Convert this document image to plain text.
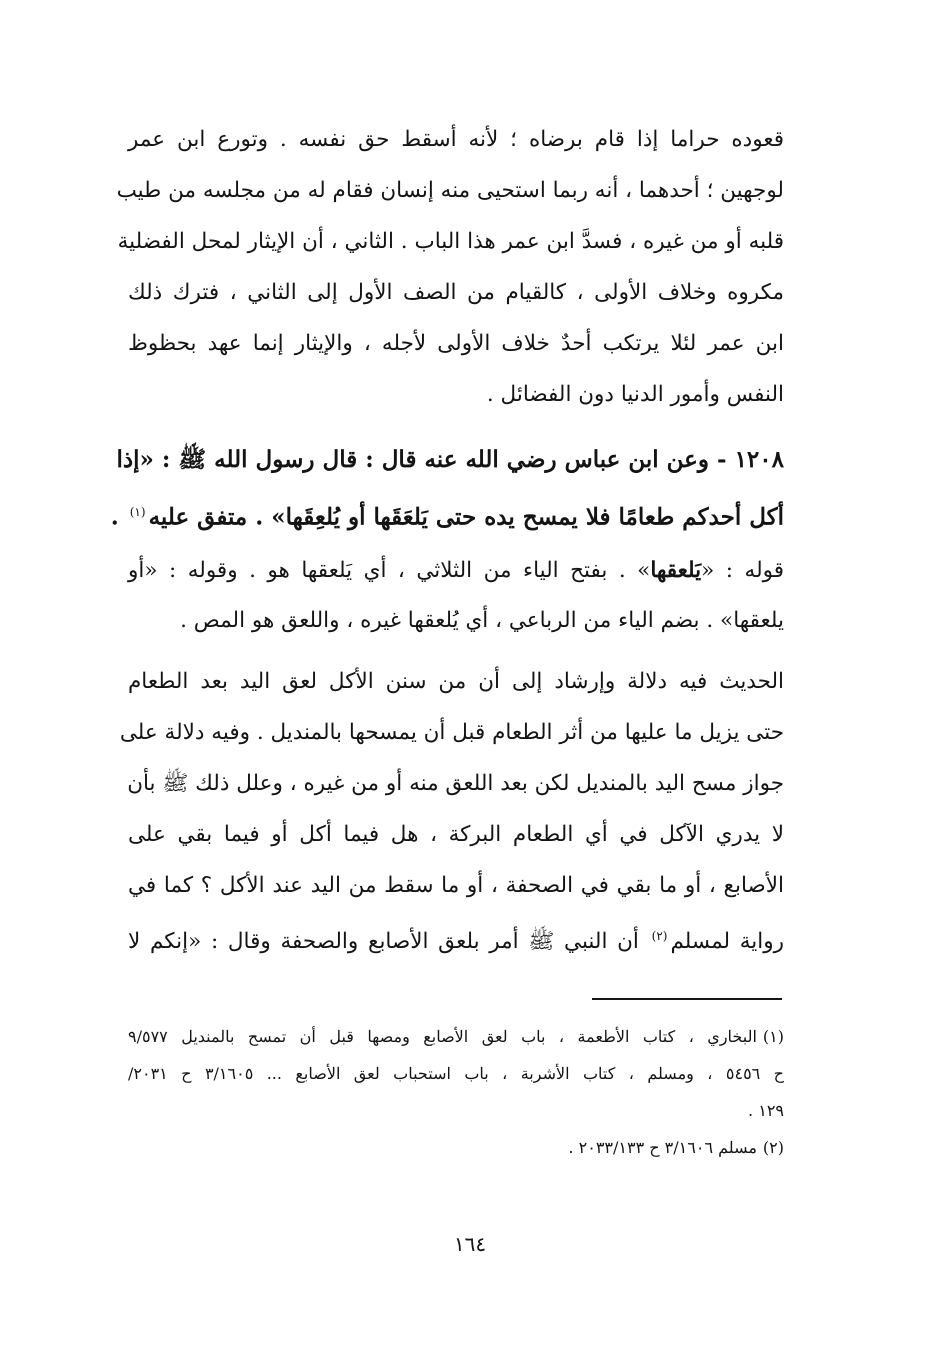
قعوده حراما إذا قام برضاه ؛ لأنه أسقط حق نفسه . وتورع ابن عمر
لوجهين ؛ أحدهما ، أنه ربما استحيى منه إنسان فقام له من مجلسه من طيب
قلبه أو من غيره ، فسدَّ ابن عمر هذا الباب . الثاني ، أن الإيثار لمحل الفضلية
مكروه وخلاف الأولى ، كالقيام من الصف الأول إلى الثاني ، فترك ذلك
ابن عمر لئلا يرتكب أحدٌ خلاف الأولى لأجله ، والإيثار إنما عهد بحظوظ
النفس وأمور الدنيا دون الفضائل .
١٢٠٨ - وعن ابن عباس رضي الله عنه قال : قال رسول الله ﷺ : «إذا
أكل أحدكم طعامًا فلا يمسح يده حتى يَلعَقَها أو يُلعِقَها» . متفق عليه$^{(١)}$ .
قوله : «يَلعقها» . بفتح الياء من الثلاثي ، أي يَلعقها هو . وقوله : «أو
يلعقها» . بضم الياء من الرباعي ، أي يُلعقها غيره ، واللعق هو المص .
الحديث فيه دلالة وإرشاد إلى أن من سنن الأكل لعق اليد بعد الطعام
حتى يزيل ما عليها من أثر الطعام قبل أن يمسحها بالمنديل . وفيه دلالة على
جواز مسح اليد بالمنديل لكن بعد اللعق منه أو من غيره ، وعلل ذلك ﷺ بأن
لا يدري الآكل في أي الطعام البركة ، هل فيما أكل أو فيما بقي على
الأصابع ، أو ما بقي في الصحفة ، أو ما سقط من اليد عند الأكل ؟ كما في
رواية لمسلم$^{(٢)}$ أن النبي ﷺ أمر بلعق الأصابع والصحفة وقال : «إنكم لا
(١)البخاري ، كتاب الأطعمة ، باب لعق الأصابع ومصها قبل أن تمسح بالمنديل ٩/٥٧٧
ح ٥٤٥٦ ، ومسلم ، كتاب الأشربة ، باب استحباب لعق الأصابع ... ٣/١٦٠٥ ح ٢٠٣١/
١٢٩ .
(٢)مسلم ٣/١٦٠٦ ح ٢٠٣٣/١٣٣ .
١٦٤
